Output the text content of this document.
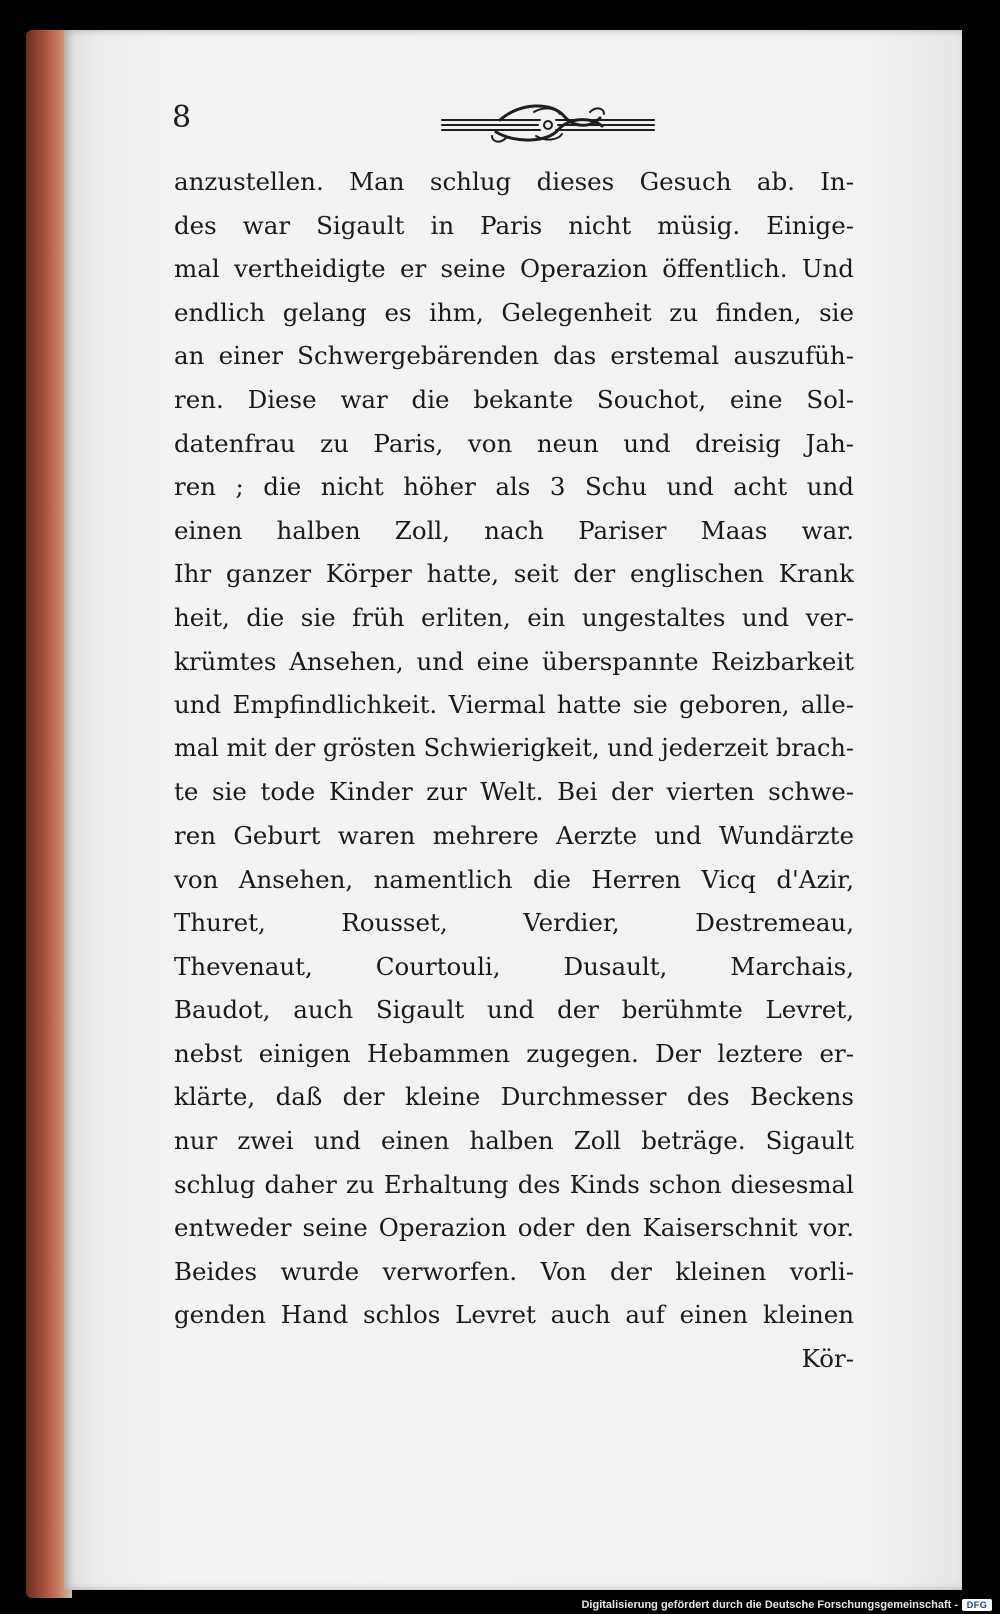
8
anzustellen. Man schlug dieses Gesuch ab. In-
des war Sigault in Paris nicht müsig. Einige-
mal vertheidigte er seine Operazion öffentlich. Und
endlich gelang es ihm, Gelegenheit zu finden, sie
an einer Schwergebärenden das erstemal auszufüh-
ren. Diese war die bekante Souchot, eine Sol-
datenfrau zu Paris, von neun und dreisig Jah-
ren ; die nicht höher als 3 Schu und acht und
einen halben Zoll, nach Pariser Maas war.
Ihr ganzer Körper hatte, seit der englischen Krank
heit, die sie früh erliten, ein ungestaltes und ver-
krümtes Ansehen, und eine überspannte Reizbarkeit
und Empfindlichkeit. Viermal hatte sie geboren, alle-
mal mit der grösten Schwierigkeit, und jederzeit brach-
te sie tode Kinder zur Welt. Bei der vierten schwe-
ren Geburt waren mehrere Aerzte und Wundärzte
von Ansehen, namentlich die Herren Vicq d'Azir,
Thuret, Rousset, Verdier, Destremeau,
Thevenaut, Courtouli, Dusault, Marchais,
Baudot, auch Sigault und der berühmte Levret,
nebst einigen Hebammen zugegen. Der leztere er-
klärte, daß der kleine Durchmesser des Beckens
nur zwei und einen halben Zoll beträge. Sigault
schlug daher zu Erhaltung des Kinds schon diesesmal
entweder seine Operazion oder den Kaiserschnit vor.
Beides wurde verworfen. Von der kleinen vorli-
genden Hand schlos Levret auch auf einen kleinen
Kör-
Digitalisierung gefördert durch die Deutsche Forschungsgemeinschaft - DFG
